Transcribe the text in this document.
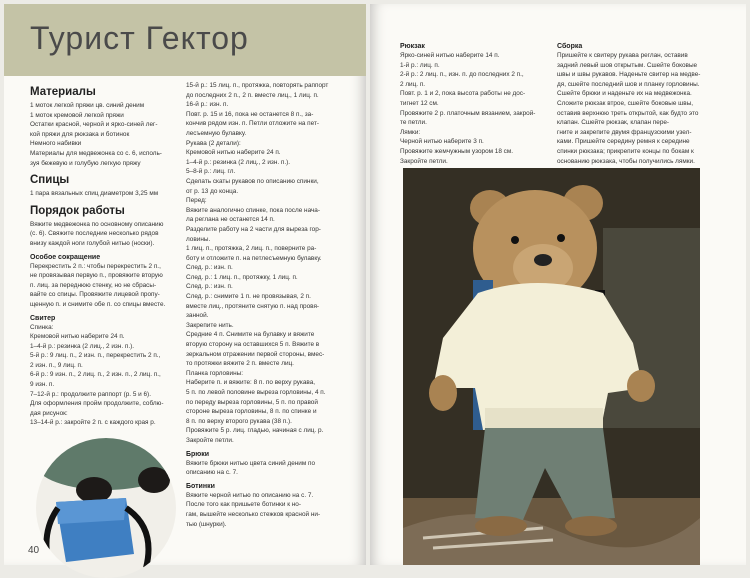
Турист Гектор
Материалы

1 моток легкой пряжи цв. синий деним

1 моток кремовой легкой пряжи

Остатки красной, черной и ярко-синей лег-

кой пряжи для рюкзака и ботинок

Немного набивки

Материалы для медвежонка со с. 6, исполь-

зуя бежевую и голубую легкую пряжу

Спицы

1 пара вязальных спиц диаметром 3,25 мм

Порядок работы

Вяжите медвежонка по основному описанию

(с. 6). Свяжите последние несколько рядов

внизу каждой ноги голубой нитью (носки).

Особое сокращение

Перекрестить 2 п.: чтобы перекрестить 2 п.,

не провязывая первую п., провяжите вторую

п. лиц. за переднюю стенку, но не сбрасы-

вайте со спицы. Провяжите лицевой пропу-

щенную п. и снимите обе п. со спицы вместе.

Свитер

Спинка:

Кремовой нитью наберите 24 п.

1–4-й р.: резинка (2 лиц., 2 изн. п.).

5-й р.: 9 лиц. п., 2 изн. п., перекрестить 2 п.,

2 изн. п., 9 лиц. п.

6-й р.: 9 изн. п., 2 лиц. п., 2 изн. п., 2 лиц. п.,

9 изн. п.

7–12-й р.: продолжите раппорт (р. 5 и 6).

Для оформления пройм продолжите, соблю-

дая рисунок:

13–14-й р.: закройте 2 п. с каждого края р.

15-й р.: 15 лиц. п., протяжка, повторять раппорт

до последних 2 п., 2 п. вместе лиц., 1 лиц. п.

16-й р.: изн. п.

Повт. р. 15 и 16, пока не останется 8 п., за-

кончив рядом изн. п. Петли отложите на пет-

лесъемную булавку.

Рукава (2 детали):

Кремовой нитью наберите 24 п.

1–4-й р.: резинка (2 лиц., 2 изн. п.).

5–8-й р.: лиц. гл.

Сделать скаты рукавов по описанию спинки,

от р. 13 до конца.

Перед:

Вяжите аналогично спинке, пока после нача-

ла реглана не останется 14 п.

Разделите работу на 2 части для выреза гор-

ловины.

1 лиц. п., протяжка, 2 лиц. п., поверните ра-

боту и отложите п. на петлесъемную булавку.

След. р.: изн. п.

След. р.: 1 лиц. п., протяжку, 1 лиц. п.

След. р.: изн. п.

След. р.: снимите 1 п. не провязывая, 2 п.

вместе лиц., протяните снятую п. над провя-

занной.

Закрепите нить.

Средние 4 п. Снимите на булавку и вяжите

вторую сторону на оставшихся 5 п. Вяжите в

зеркальном отражении первой стороны, вмес-

то протяжки вяжите 2 п. вместе лиц.

Планка горловины:

Наберите п. и вяжите: 8 п. по верху рукава,

5 п. по левой половине выреза горловины, 4 п.

по переду выреза горловины, 5 п. по правой

стороне выреза горловины, 8 п. по спинке и

8 п. по верху второго рукава (38 п.).

Провяжите 5 р. лиц. гладью, начиная с лиц. р.

Закройте петли.

Брюки

Вяжите брюки нитью цвета синий деним по

описанию на с. 7.

Ботинки

Вяжите черной нитью по описанию на с. 7.

После того как пришьете ботинки к но-

гам, вышейте несколько стежков красной ни-

тью (шнурки).

Рюкзак

Ярко-синей нитью наберите 14 п.

1-й р.: лиц. п.

2-й р.: 2 лиц. п., изн. п. до последних 2 п.,

2 лиц. п.

Повт. р. 1 и 2, пока высота работы не дос-

тигнет 12 см.

Провяжите 2 р. платочным вязанием, закрой-

те петли.

Лямки:

Черной нитью наберите 3 п.

Провяжите жемчужным узором 18 см.

Закройте петли.

Сборка

Пришейте к свитеру рукава реглан, оставив

задний левый шов открытым. Сшейте боковые

швы и швы рукавов. Наденьте свитер на медве-

дя, сшейте последний шов и планку горловины.

Сшейте брюки и наденьте их на медвежонка.

Сложите рюкзак втрое, сшейте боковые швы,

оставив верхнюю треть открытой, как будто это

клапан. Сшейте рюкзак, клапан пере-

гните и закрепите двумя французскими узел-

ками. Пришейте середину ремня к середине

спинки рюкзака; прикрепите концы по бокам к

основанию рюкзака, чтобы получились лямки.

40
